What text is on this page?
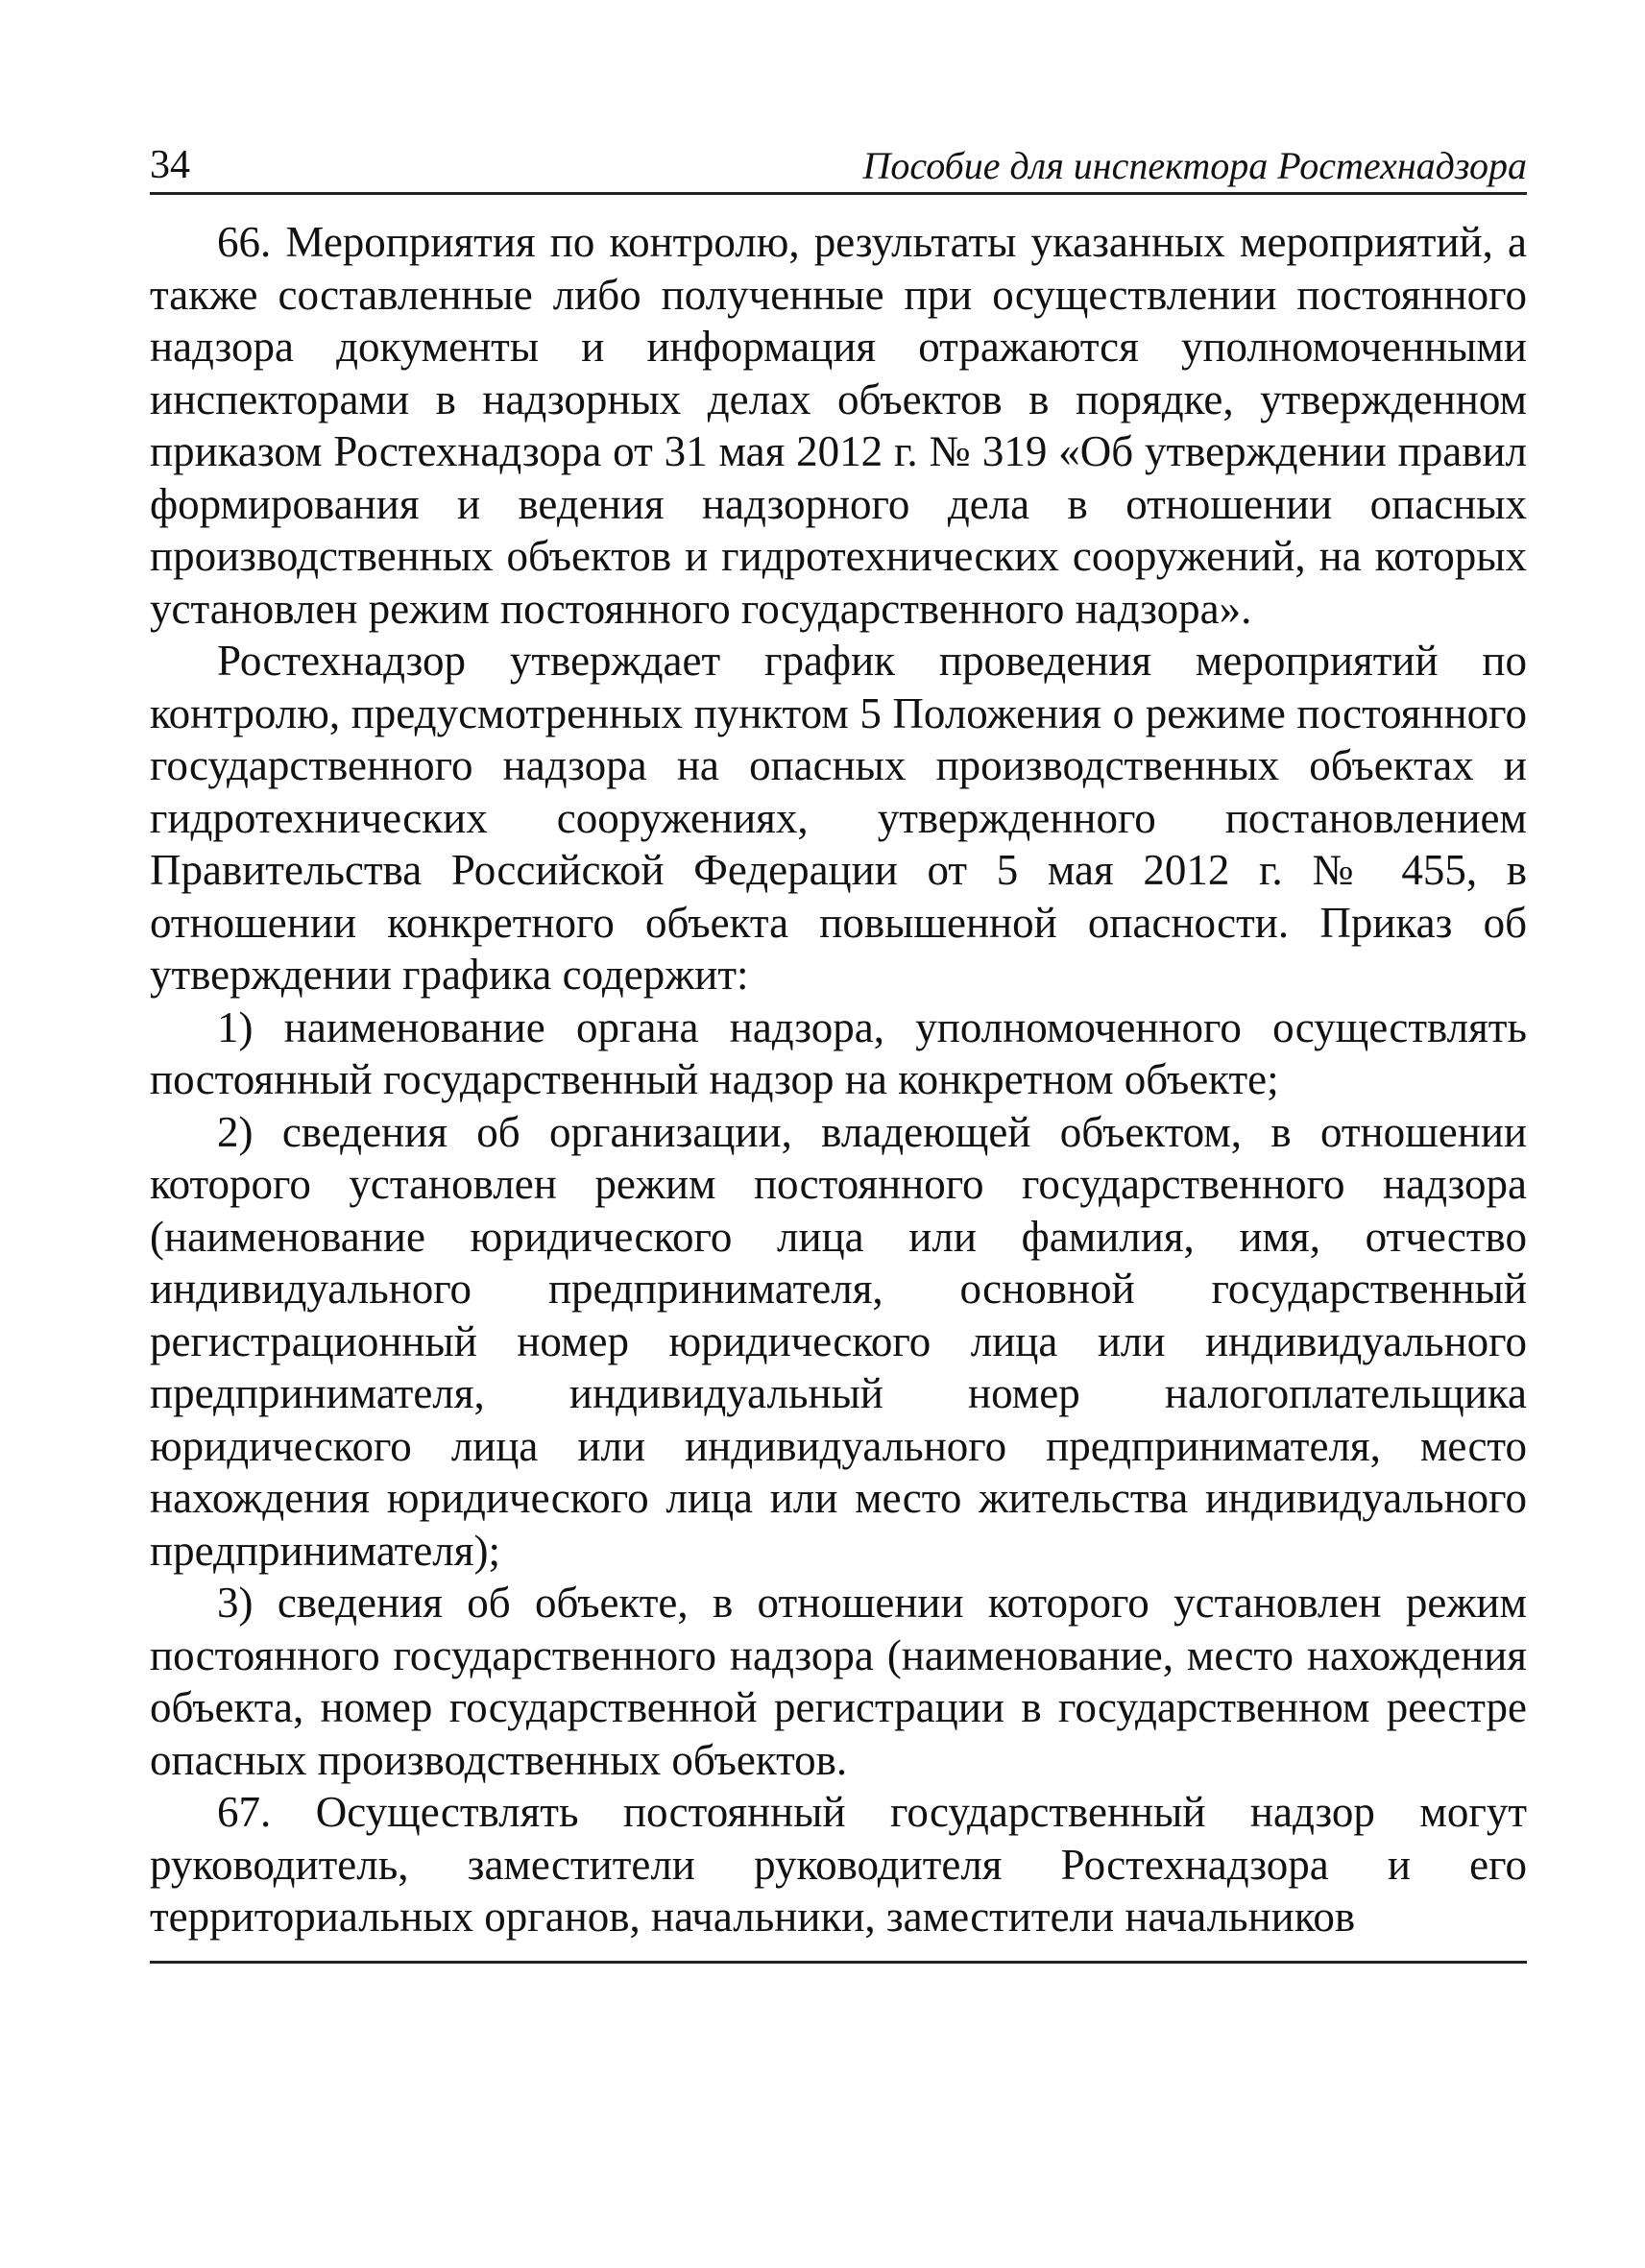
34	Пособие для инспектора Ростехнадзора

66. Мероприятия по контролю, результаты указанных мероприятий, а также составленные либо полученные при осуществлении постоянного надзора документы и информация отражаются уполномоченными инспекторами в надзорных делах объектов в порядке, утвержденном приказом Ростехнадзора от 31 мая 2012 г. № 319 «Об утверждении правил формирования и ведения надзорного дела в отношении опасных производственных объектов и гидротехнических сооружений, на которых установлен режим постоянного государственного надзора».

Ростехнадзор утверждает график проведения мероприятий по контролю, предусмотренных пунктом 5 Положения о режиме постоянного государственного надзора на опасных производственных объектах и гидротехнических сооружениях, утвержденного постановлением Правительства Российской Федерации от 5 мая 2012 г. № 455, в отношении конкретного объекта повышенной опасности. Приказ об утверждении графика содержит:

1) наименование органа надзора, уполномоченного осуществлять постоянный государственный надзор на конкретном объекте;

2) сведения об организации, владеющей объектом, в отношении которого установлен режим постоянного государственного надзора (наименование юридического лица или фамилия, имя, отчество индивидуального предпринимателя, основной государственный регистрационный номер юридического лица или индивидуального предпринимателя, индивидуальный номер налогоплательщика юридического лица или индивидуального предпринимателя, место нахождения юридического лица или место жительства индивидуального предпринимателя);

3) сведения об объекте, в отношении которого установлен режим постоянного государственного надзора (наименование, место нахождения объекта, номер государственной регистрации в государственном реестре опасных производственных объектов.

67. Осуществлять постоянный государственный надзор могут руководитель, заместители руководителя Ростехнадзора и его территориальных органов, начальники, заместители начальников
